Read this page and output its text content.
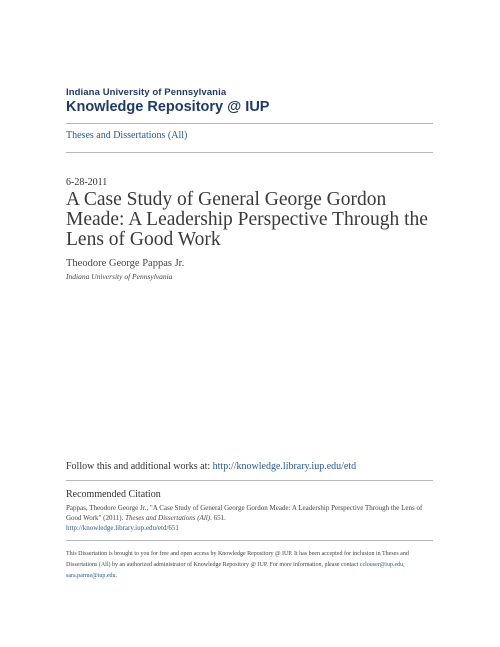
Indiana University of Pennsylvania
Knowledge Repository @ IUP
Theses and Dissertations (All)
6-28-2011
A Case Study of General George Gordon Meade: A Leadership Perspective Through the Lens of Good Work
Theodore George Pappas Jr.
Indiana University of Pennsylvania
Follow this and additional works at: http://knowledge.library.iup.edu/etd
Recommended Citation
Pappas, Theodore George Jr., "A Case Study of General George Gordon Meade: A Leadership Perspective Through the Lens of Good Work" (2011). Theses and Dissertations (All). 651.
http://knowledge.library.iup.edu/etd/651
This Dissertation is brought to you for free and open access by Knowledge Repository @ IUP. It has been accepted for inclusion in Theses and Dissertations (All) by an authorized administrator of Knowledge Repository @ IUP. For more information, please contact cclouser@iup.edu, sara.parme@iup.edu.
